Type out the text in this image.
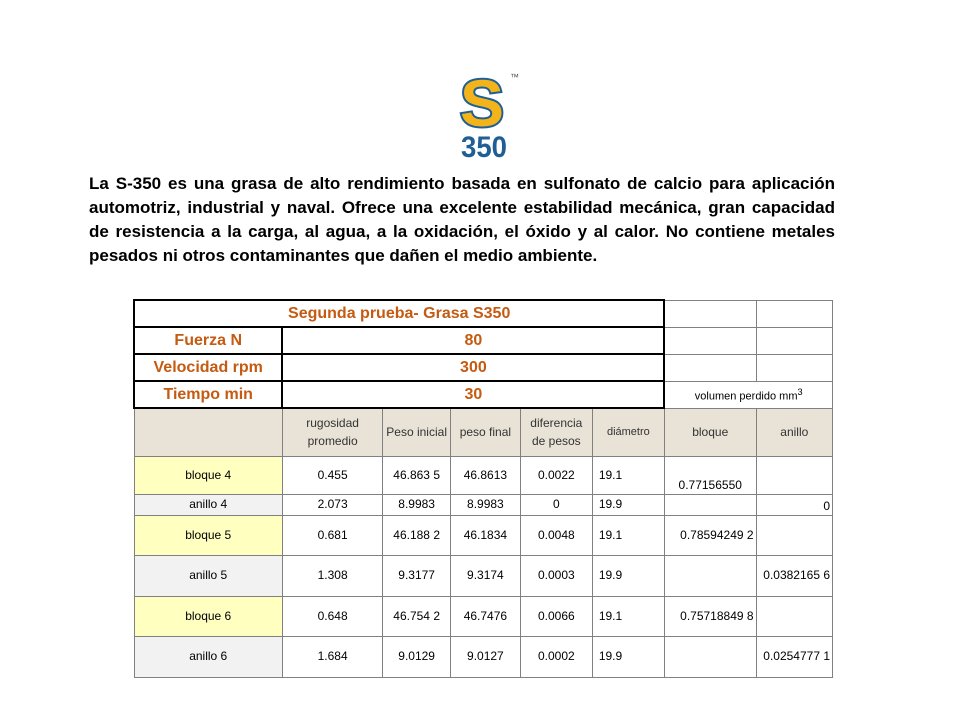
S
350
™

La S-350 es una grasa de alto rendimiento basada en sulfonato de calcio para aplicación automotriz, industrial y naval. Ofrece una excelente estabilidad mecánica, gran capacidad de resistencia a la carga, al agua, a la oxidación, el óxido y al calor. No contiene metales pesados ni otros contaminantes que dañen el medio ambiente.

Segunda prueba- Grasa S350							
Fuerza N	80						
Velocidad rpm	300						
Tiempo min	30					volumen perdido $mm^3$
	rugosidad promedio	Peso inicial	peso final	diferencia de pesos	diámetro	bloque	anillo
bloque 4	0.455	46.863 5	46.8613	0.0022	19.1	0.77156550	
anillo 4	2.073	8.9983	8.9983	0	19.9		0
bloque 5	0.681	46.188 2	46.1834	0.0048	19.1	0.78594249 2	
anillo 5	1.308	9.3177	9.3174	0.0003	19.9		0.0382165 6
bloque 6	0.648	46.754 2	46.7476	0.0066	19.1	0.75718849 8	
anillo 6	1.684	9.0129	9.0127	0.0002	19.9		0.0254777 1
